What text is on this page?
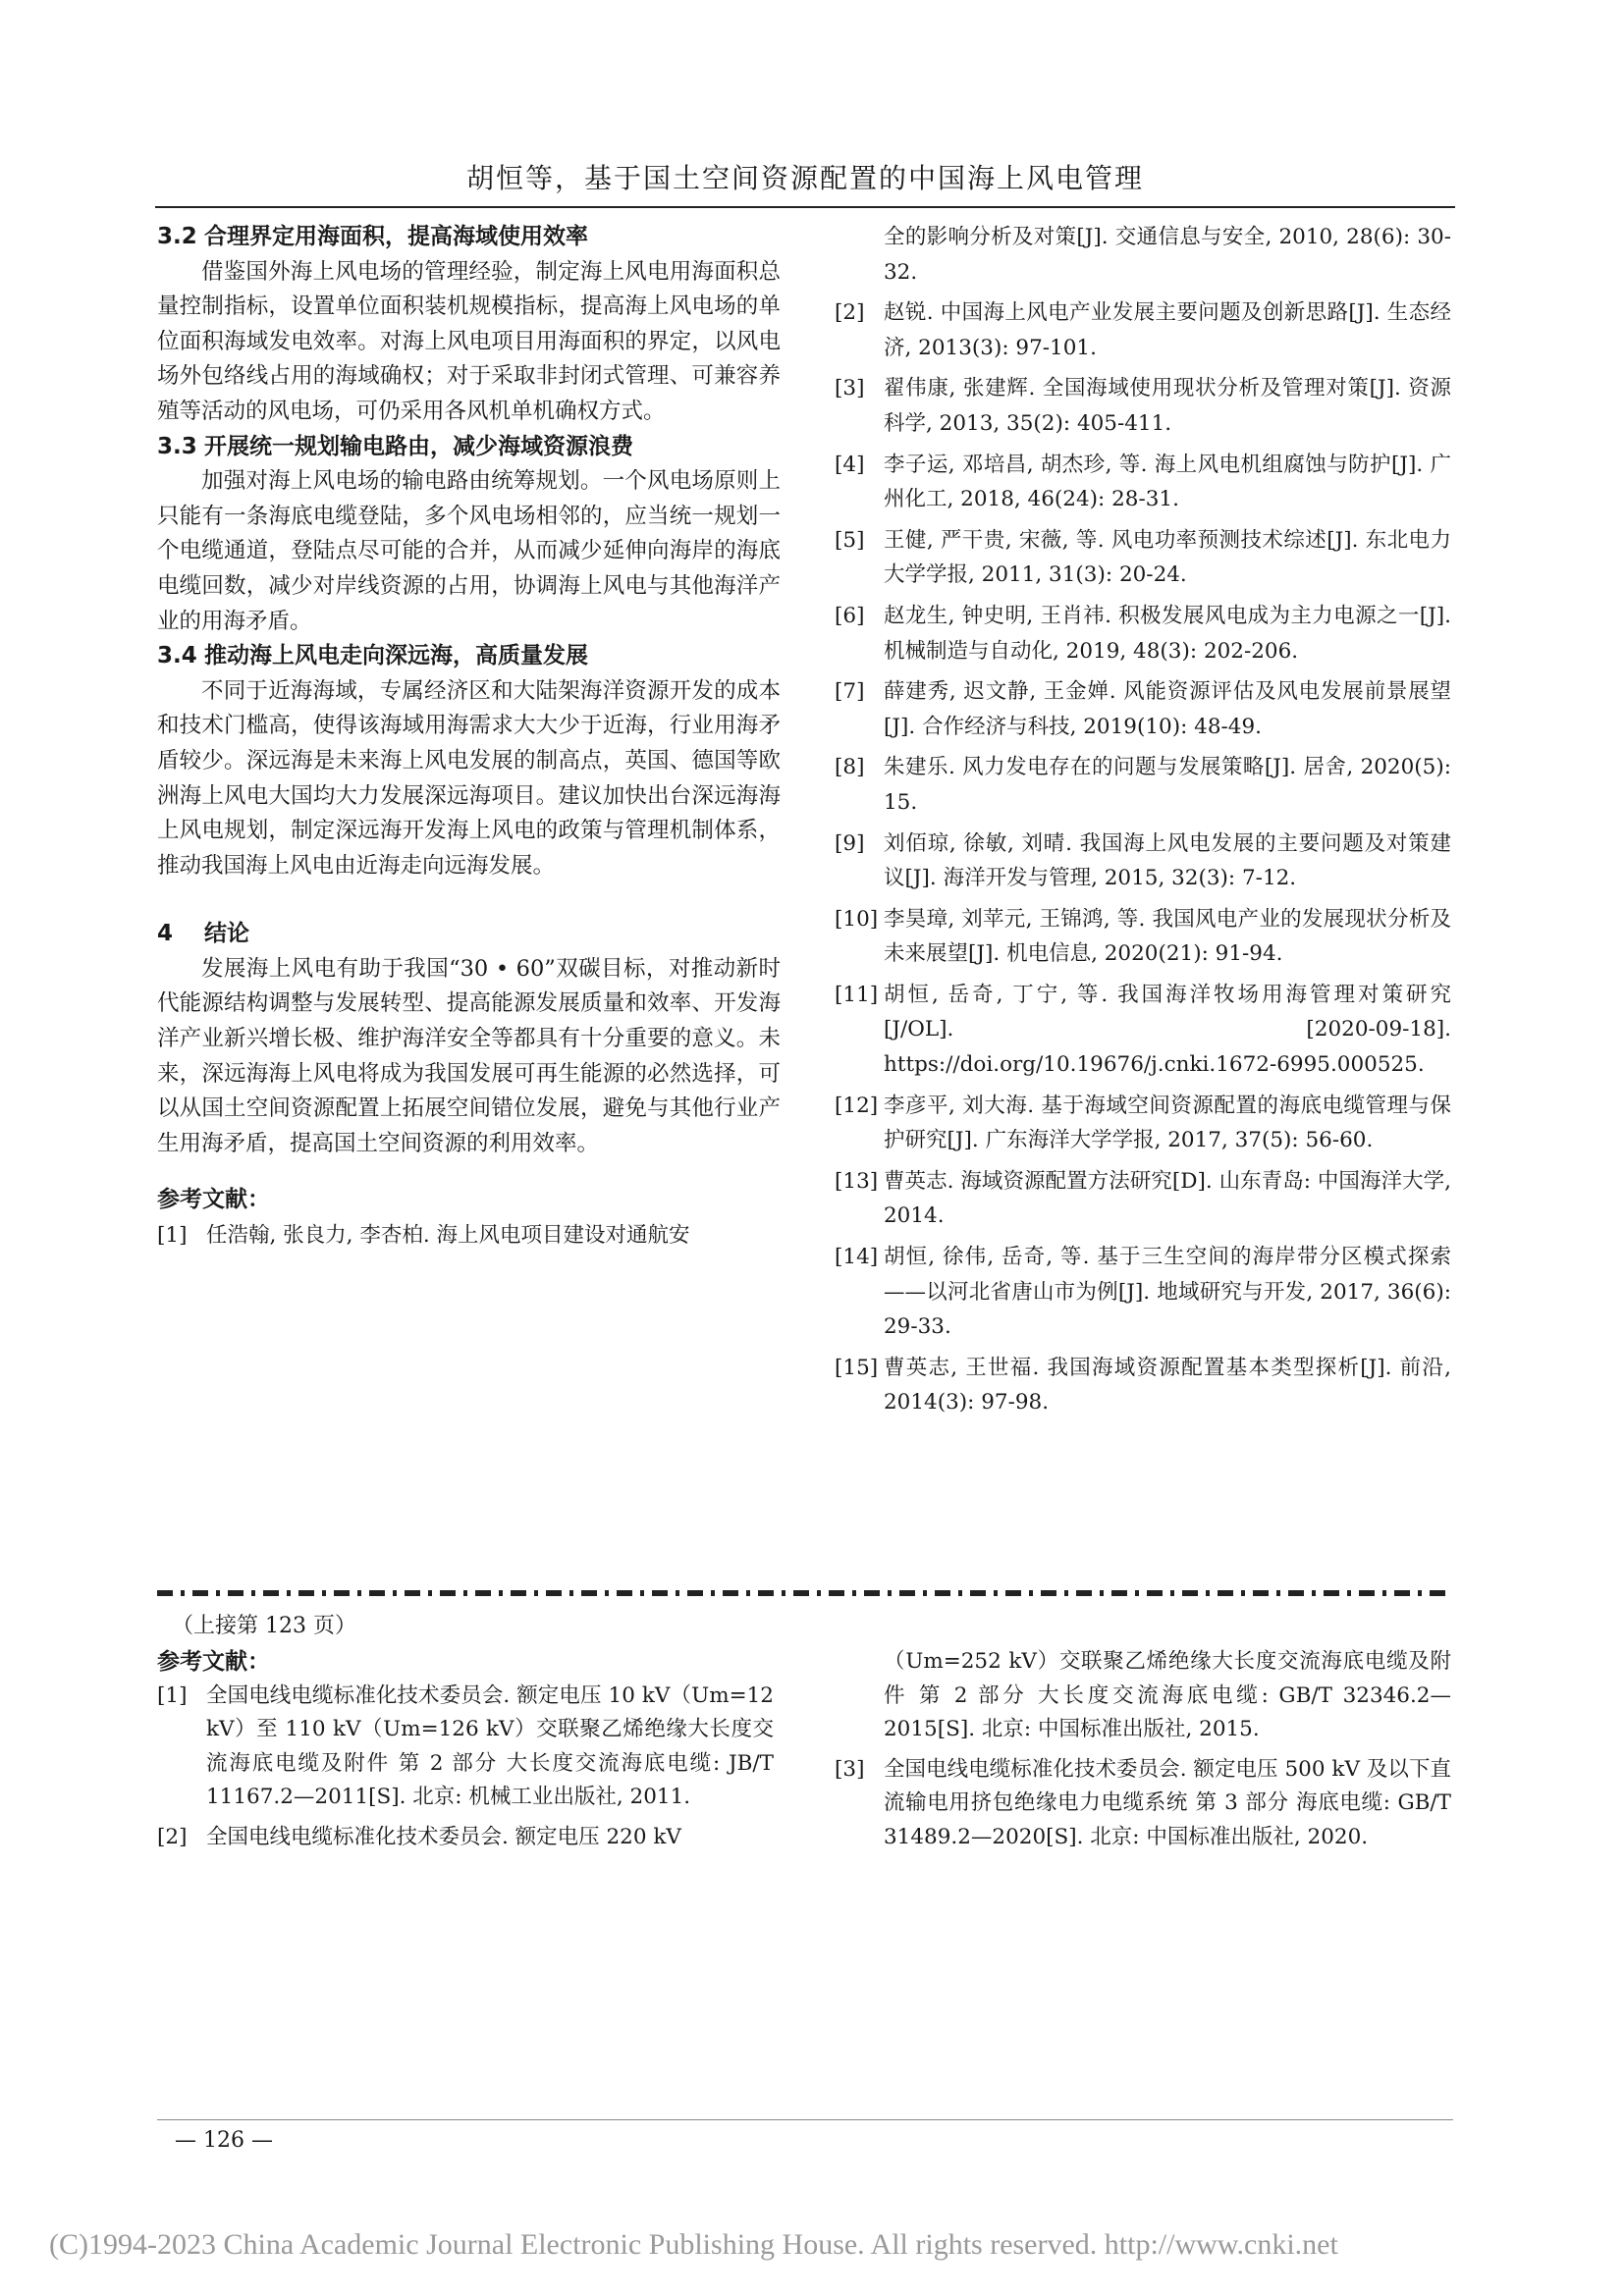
胡恒等，基于国土空间资源配置的中国海上风电管理
3.2 合理界定用海面积，提高海域使用效率

借鉴国外海上风电场的管理经验，制定海上风电用海面积总量控制指标，设置单位面积装机规模指标，提高海上风电场的单位面积海域发电效率。对海上风电项目用海面积的界定，以风电场外包络线占用的海域确权；对于采取非封闭式管理、可兼容养殖等活动的风电场，可仍采用各风机单机确权方式。

3.3 开展统一规划输电路由，减少海域资源浪费

加强对海上风电场的输电路由统筹规划。一个风电场原则上只能有一条海底电缆登陆，多个风电场相邻的，应当统一规划一个电缆通道，登陆点尽可能的合并，从而减少延伸向海岸的海底电缆回数，减少对岸线资源的占用，协调海上风电与其他海洋产业的用海矛盾。

3.4 推动海上风电走向深远海，高质量发展

不同于近海海域，专属经济区和大陆架海洋资源开发的成本和技术门槛高，使得该海域用海需求大大少于近海，行业用海矛盾较少。深远海是未来海上风电发展的制高点，英国、德国等欧洲海上风电大国均大力发展深远海项目。建议加快出台深远海海上风电规划，制定深远海开发海上风电的政策与管理机制体系，推动我国海上风电由近海走向远海发展。

4 结论

发展海上风电有助于我国“30 • 60”双碳目标，对推动新时代能源结构调整与发展转型、提高能源发展质量和效率、开发海洋产业新兴增长极、维护海洋安全等都具有十分重要的意义。未来，深远海海上风电将成为我国发展可再生能源的必然选择，可以从国土空间资源配置上拓展空间错位发展，避免与其他行业产生用海矛盾，提高国土空间资源的利用效率。

参考文献：
[1] 任浩翰, 张良力, 李杏柏. 海上风电项目建设对通航安
全的影响分析及对策[J]. 交通信息与安全, 2010, 28(6): 30-32.
[2] 赵锐. 中国海上风电产业发展主要问题及创新思路[J]. 生态经济, 2013(3): 97-101.
[3] 翟伟康, 张建辉. 全国海域使用现状分析及管理对策[J]. 资源科学, 2013, 35(2): 405-411.
[4] 李子运, 邓培昌, 胡杰珍, 等. 海上风电机组腐蚀与防护[J]. 广州化工, 2018, 46(24): 28-31.
[5] 王健, 严干贵, 宋薇, 等. 风电功率预测技术综述[J]. 东北电力大学学报, 2011, 31(3): 20-24.
[6] 赵龙生, 钟史明, 王肖祎. 积极发展风电成为主力电源之一[J]. 机械制造与自动化, 2019, 48(3): 202-206.
[7] 薛建秀, 迟文静, 王金婵. 风能资源评估及风电发展前景展望[J]. 合作经济与科技, 2019(10): 48-49.
[8] 朱建乐. 风力发电存在的问题与发展策略[J]. 居舍, 2020(5): 15.
[9] 刘佰琼, 徐敏, 刘晴. 我国海上风电发展的主要问题及对策建议[J]. 海洋开发与管理, 2015, 32(3): 7-12.
[10] 李昊璋, 刘苹元, 王锦鸿, 等. 我国风电产业的发展现状分析及未来展望[J]. 机电信息, 2020(21): 91-94.
[11] 胡恒, 岳奇, 丁宁, 等. 我国海洋牧场用海管理对策研究 [J/OL]. [2020-09-18]. https://doi.org/10.19676/j.cnki.1672-6995.000525.
[12] 李彦平, 刘大海. 基于海域空间资源配置的海底电缆管理与保护研究[J]. 广东海洋大学学报, 2017, 37(5): 56-60.
[13] 曹英志. 海域资源配置方法研究[D]. 山东青岛: 中国海洋大学, 2014.
[14] 胡恒, 徐伟, 岳奇, 等. 基于三生空间的海岸带分区模式探索——以河北省唐山市为例[J]. 地域研究与开发, 2017, 36(6): 29-33.
[15] 曹英志, 王世福. 我国海域资源配置基本类型探析[J]. 前沿, 2014(3): 97-98.
（上接第 123 页）
参考文献：
[1] 全国电线电缆标准化技术委员会. 额定电压 10 kV（Um=12 kV）至 110 kV（Um=126 kV）交联聚乙烯绝缘大长度交流海底电缆及附件 第 2 部分 大长度交流海底电缆: JB/T 11167.2—2011[S]. 北京: 机械工业出版社, 2011.
[2] 全国电线电缆标准化技术委员会. 额定电压 220 kV
（Um=252 kV）交联聚乙烯绝缘大长度交流海底电缆及附件 第 2 部分 大长度交流海底电缆: GB/T 32346.2—2015[S]. 北京: 中国标准出版社, 2015.
[3] 全国电线电缆标准化技术委员会. 额定电压 500 kV 及以下直流输电用挤包绝缘电力电缆系统 第 3 部分 海底电缆: GB/T 31489.2—2020[S]. 北京: 中国标准出版社, 2020.
— 126 —
(C)1994-2023 China Academic Journal Electronic Publishing House. All rights reserved. http://www.cnki.net
